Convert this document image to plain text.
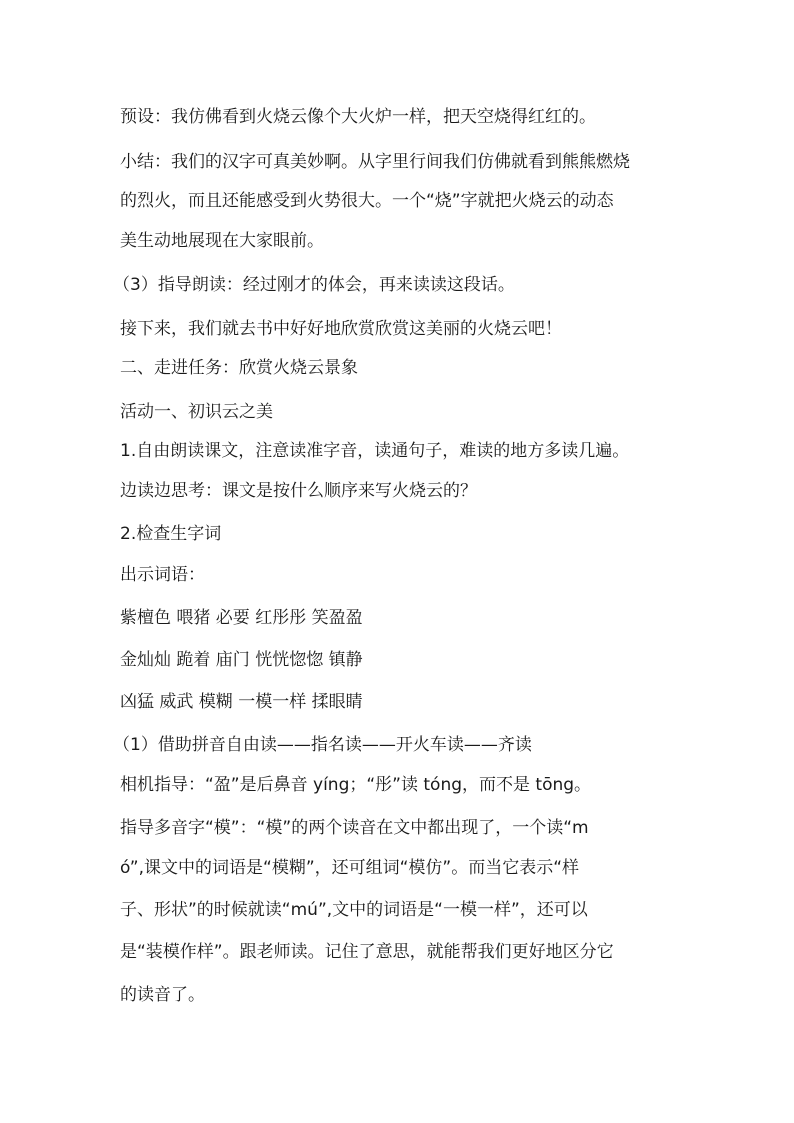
预设：我仿佛看到火烧云像个大火炉一样，把天空烧得红红的。
小结：我们的汉字可真美妙啊。从字里行间我们仿佛就看到熊熊燃烧
的烈火，而且还能感受到火势很大。一个“烧”字就把火烧云的动态
美生动地展现在大家眼前。
（3）指导朗读：经过刚才的体会，再来读读这段话。
接下来，我们就去书中好好地欣赏欣赏这美丽的火烧云吧！
二、走进任务：欣赏火烧云景象
活动一、初识云之美
1.自由朗读课文，注意读准字音，读通句子，难读的地方多读几遍。
边读边思考：课文是按什么顺序来写火烧云的？
2.检查生字词
出示词语：
紫檀色 喂猪 必要 红彤彤 笑盈盈
金灿灿 跪着 庙门 恍恍惚惚 镇静
凶猛 威武 模糊 一模一样 揉眼睛
（1）借助拼音自由读——指名读——开火车读——齐读
相机指导：“盈”是后鼻音 yíng；“彤”读 tóng，而不是 tōng。
指导多音字“模”：“模”的两个读音在文中都出现了，一个读“m
ó”,课文中的词语是“模糊”，还可组词“模仿”。而当它表示“样
子、形状”的时候就读“mú”,文中的词语是“一模一样”，还可以
是“装模作样”。跟老师读。记住了意思，就能帮我们更好地区分它
的读音了。
